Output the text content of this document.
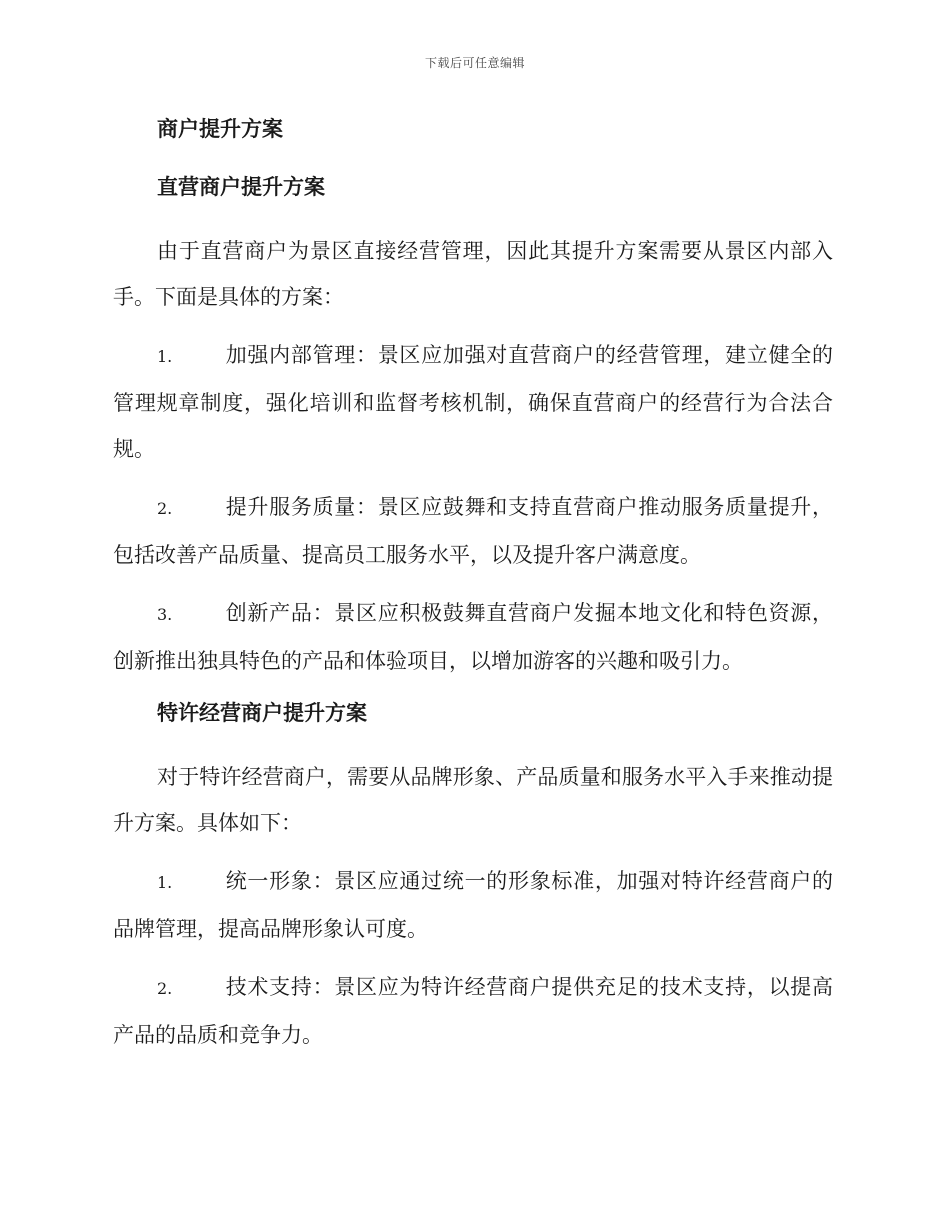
下载后可任意编辑
商户提升方案
直营商户提升方案

由于直营商户为景区直接经营管理，因此其提升方案需要从景区内部入手。下面是具体的方案：

1.	加强内部管理：景区应加强对直营商户的经营管理，建立健全的管理规章制度，强化培训和监督考核机制，确保直营商户的经营行为合法合规。

2.	提升服务质量：景区应鼓舞和支持直营商户推动服务质量提升，包括改善产品质量、提高员工服务水平，以及提升客户满意度。

3.	创新产品：景区应积极鼓舞直营商户发掘本地文化和特色资源，创新推出独具特色的产品和体验项目，以增加游客的兴趣和吸引力。

特许经营商户提升方案

对于特许经营商户，需要从品牌形象、产品质量和服务水平入手来推动提升方案。具体如下：

1.	统一形象：景区应通过统一的形象标准，加强对特许经营商户的品牌管理，提高品牌形象认可度。

2.	技术支持：景区应为特许经营商户提供充足的技术支持，以提高产品的品质和竞争力。
